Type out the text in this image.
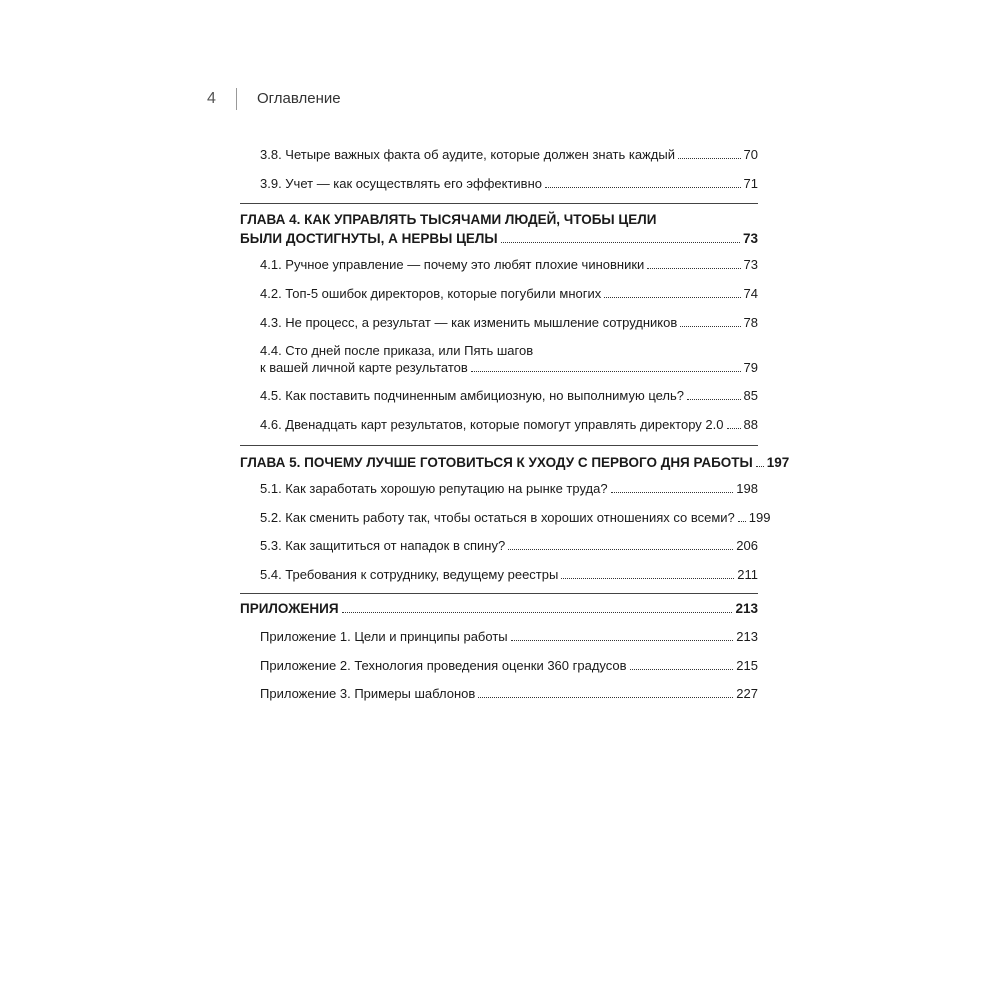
4	Оглавление
3.8. Четыре важных факта об аудите, которые должен знать каждый	70
3.9. Учет — как осуществлять его эффективно	71
ГЛАВА 4. КАК УПРАВЛЯТЬ ТЫСЯЧАМИ ЛЮДЕЙ, ЧТОБЫ ЦЕЛИ
БЫЛИ ДОСТИГНУТЫ, А НЕРВЫ ЦЕЛЫ	73
4.1. Ручное управление — почему это любят плохие чиновники	73
4.2. Топ-5 ошибок директоров, которые погубили многих	74
4.3. Не процесс, а результат — как изменить мышление сотрудников	78
4.4. Сто дней после приказа, или Пять шагов
к вашей личной карте результатов	79
4.5. Как поставить подчиненным амбициозную, но выполнимую цель?	85
4.6. Двенадцать карт результатов, которые помогут управлять директору 2.0 88
ГЛАВА 5. ПОЧЕМУ ЛУЧШЕ ГОТОВИТЬСЯ К УХОДУ С ПЕРВОГО ДНЯ РАБОТЫ 197
5.1. Как заработать хорошую репутацию на рынке труда?	198
5.2. Как сменить работу так, чтобы остаться в хороших отношениях со всеми? 199
5.3. Как защититься от нападок в спину?	206
5.4. Требования к сотруднику, ведущему реестры	211
ПРИЛОЖЕНИЯ	213
Приложение 1. Цели и принципы работы	213
Приложение 2. Технология проведения оценки 360 градусов	215
Приложение 3. Примеры шаблонов	227
